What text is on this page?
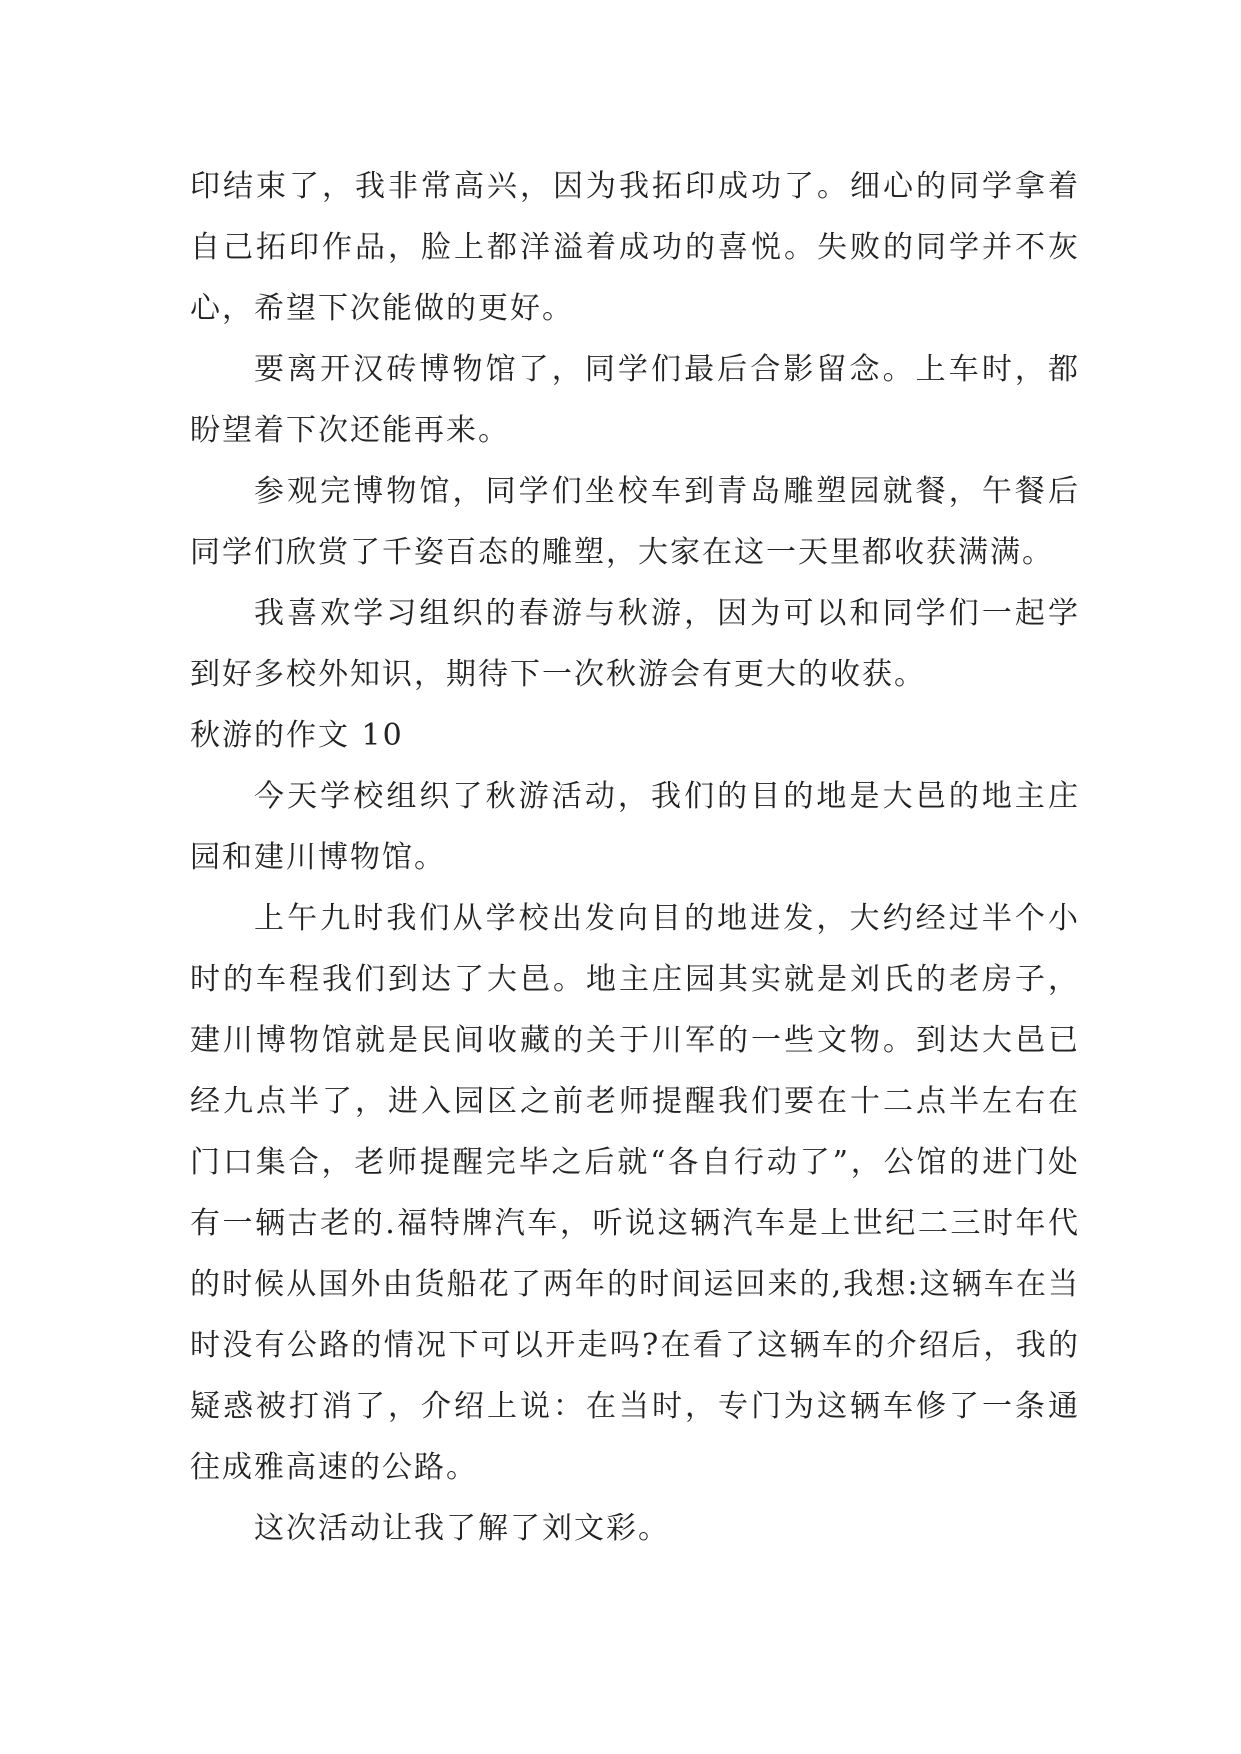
印结束了，我非常高兴，因为我拓印成功了。细心的同学拿着自己拓印作品，脸上都洋溢着成功的喜悦。失败的同学并不灰心，希望下次能做的更好。

要离开汉砖博物馆了，同学们最后合影留念。上车时，都盼望着下次还能再来。

参观完博物馆，同学们坐校车到青岛雕塑园就餐，午餐后同学们欣赏了千姿百态的雕塑，大家在这一天里都收获满满。

我喜欢学习组织的春游与秋游，因为可以和同学们一起学到好多校外知识，期待下一次秋游会有更大的收获。

秋游的作文 10

今天学校组织了秋游活动，我们的目的地是大邑的地主庄园和建川博物馆。

上午九时我们从学校出发向目的地进发，大约经过半个小时的车程我们到达了大邑。地主庄园其实就是刘氏的老房子，建川博物馆就是民间收藏的关于川军的一些文物。到达大邑已经九点半了，进入园区之前老师提醒我们要在十二点半左右在门口集合，老师提醒完毕之后就“各自行动了”，公馆的进门处有一辆古老的.福特牌汽车，听说这辆汽车是上世纪二三时年代的时候从国外由货船花了两年的时间运回来的,我想:这辆车在当时没有公路的情况下可以开走吗?在看了这辆车的介绍后，我的疑惑被打消了，介绍上说：在当时，专门为这辆车修了一条通往成雅高速的公路。

这次活动让我了解了刘文彩。
